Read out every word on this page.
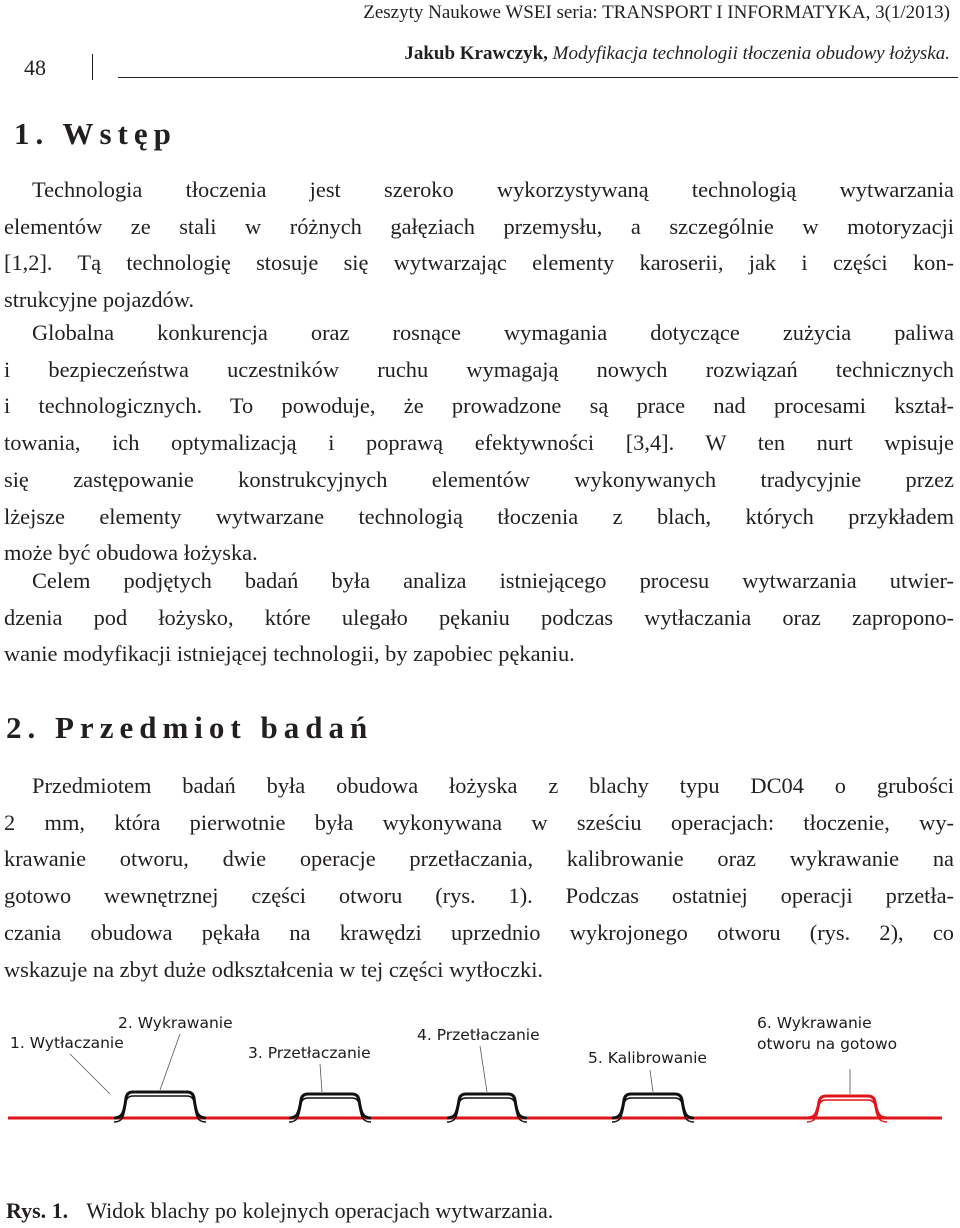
Zeszyty Naukowe WSEI seria: TRANSPORT I INFORMATYKA, 3(1/2013)
48
Jakub Krawczyk, Modyfikacja technologii tłoczenia obudowy łożyska.
1. Wstęp
Technologia tłoczenia jest szeroko wykorzystywaną technologią wytwarzania
elementów ze stali w różnych gałęziach przemysłu, a szczególnie w motoryzacji
[1,2]. Tą technologię stosuje się wytwarzając elementy karoserii, jak i części kon-
strukcyjne pojazdów.
Globalna konkurencja oraz rosnące wymagania dotyczące zużycia paliwa
i bezpieczeństwa uczestników ruchu wymagają nowych rozwiązań technicznych
i technologicznych. To powoduje, że prowadzone są prace nad procesami kształ-
towania, ich optymalizacją i poprawą efektywności [3,4]. W ten nurt wpisuje
się zastępowanie konstrukcyjnych elementów wykonywanych tradycyjnie przez
lżejsze elementy wytwarzane technologią tłoczenia z blach, których przykładem
może być obudowa łożyska.
Celem podjętych badań była analiza istniejącego procesu wytwarzania utwier-
dzenia pod łożysko, które ulegało pękaniu podczas wytłaczania oraz zapropono-
wanie modyfikacji istniejącej technologii, by zapobiec pękaniu.
2. Przedmiot badań
Przedmiotem badań była obudowa łożyska z blachy typu DC04 o grubości
2 mm, która pierwotnie była wykonywana w sześciu operacjach: tłoczenie, wy-
krawanie otworu, dwie operacje przetłaczania, kalibrowanie oraz wykrawanie na
gotowo wewnętrznej części otworu (rys. 1). Podczas ostatniej operacji przetła-
czania obudowa pękała na krawędzi uprzednio wykrojonego otworu (rys. 2), co
wskazuje na zbyt duże odkształcenia w tej części wytłoczki.
1. Wytłaczanie
2. Wykrawanie
3. Przetłaczanie
4. Przetłaczanie
5. Kalibrowanie
6. Wykrawanie
otworu na gotowo
Rys. 1. Widok blachy po kolejnych operacjach wytwarzania.
